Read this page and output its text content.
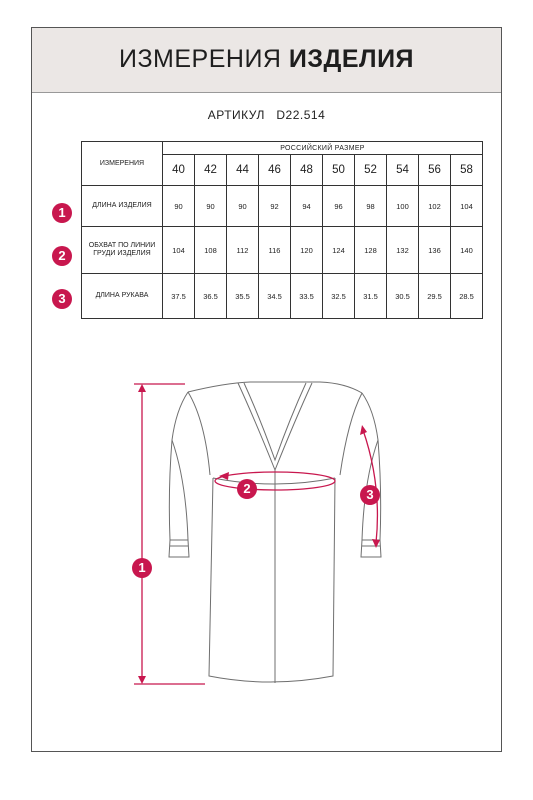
ИЗМЕРЕНИЯ ИЗДЕЛИЯ
АРТИКУЛ D22.514
ИЗМЕРЕНИЯ	РОССИЙСКИЙ РАЗМЕР									
	40	42	44	46	48	50	52	54	56	58
ДЛИНА ИЗДЕЛИЯ	90	90	90	92	94	96	98	100	102	104
ОБХВАТ ПО ЛИНИИ ГРУДИ ИЗДЕЛИЯ	104	108	112	116	120	124	128	132	136	140
ДЛИНА РУКАВА	37.5	36.5	35.5	34.5	33.5	32.5	31.5	30.5	29.5	28.5
1
2
3
1
2	3
